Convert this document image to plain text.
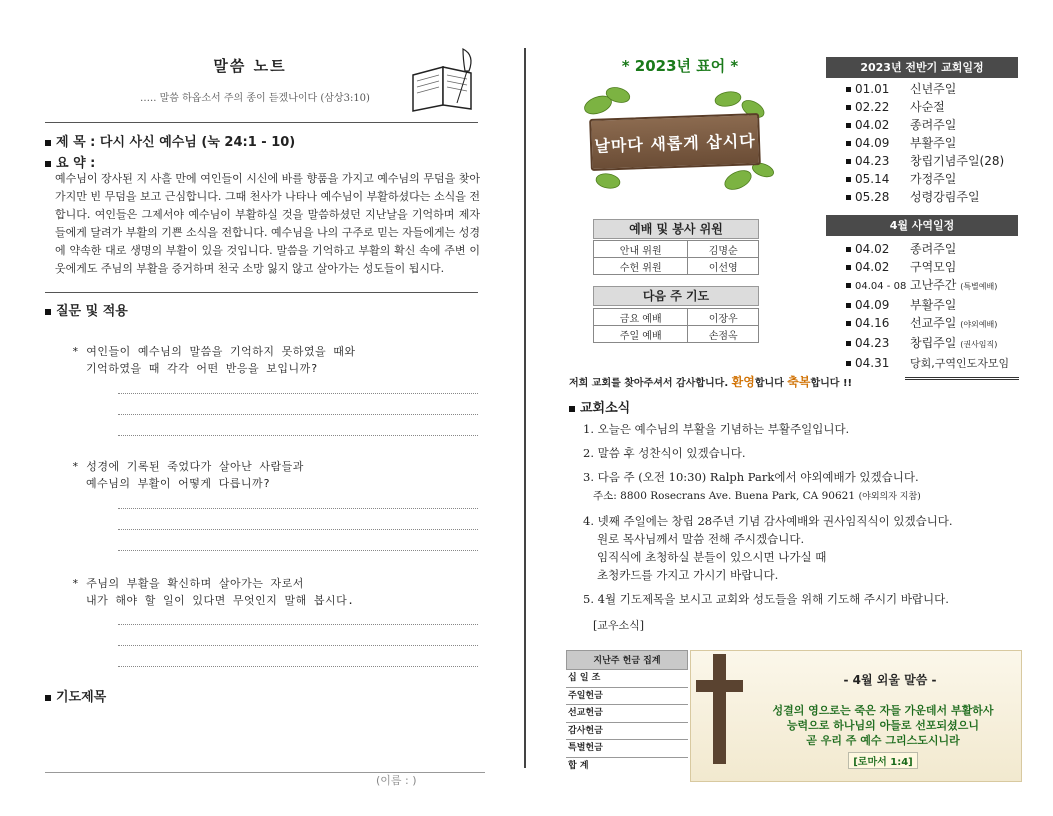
말씀 노트
….. 말씀 하옵소서 주의 종이 듣겠나이다 (삼상3:10)
제 목 : 다시 사신 예수님 (눅 24:1 - 10)
요 약 :
예수님이 장사된 지 사흘 만에 여인들이 시신에 바를 향품을 가지고 예수님의 무덤을 찾아가지만 빈 무덤을 보고 근심합니다. 그때 천사가 나타나 예수님이 부활하셨다는 소식을 전합니다. 여인들은 그제서야 예수님이 부활하실 것을 말씀하셨던 지난날을 기억하며 제자들에게 달려가 부활의 기쁜 소식을 전합니다. 예수님을 나의 구주로 믿는 자들에게는 성경에 약속한 대로 생명의 부활이 있을 것입니다. 말씀을 기억하고 부활의 확신 속에 주변 이웃에게도 주님의 부활을 증거하며 천국 소망 잃지 않고 살아가는 성도들이 됩시다.
질문 및 적용
* 여인들이 예수님의 말씀을 기억하지 못하였을 때와
기억하였을 때 각각 어떤 반응을 보입니까?
* 성경에 기록된 죽었다가 살아난 사람들과
예수님의 부활이 어떻게 다릅니까?
* 주님의 부활을 확신하며 살아가는 자로서
내가 해야 할 일이 있다면 무엇인지 말해 봅시다.
기도제목
(이름 : )
* 2023년 표어 *
날마다 새롭게 삽시다
예배 및 봉사 위원
안내 위원	김명순
수헌 위원	이선영
다음 주 기도
금요 예배	이장우
주일 예배	손점옥
2023년 전반기 교회일정
01.01 신년주일
02.22 사순절
04.02 종려주일
04.09 부활주일
04.23 창립기념주일(28)
05.14 가정주일
05.28 성령강림주일
4월 사역일정
04.02 종려주일
04.02 구역모임
04.04 - 08 고난주간 (특별예배)
04.09 부활주일
04.16 선교주일 (야외예배)
04.23 창립주일 (권사임직)
04.31 당회,구역인도자모임
저희 교회를 찾아주셔서 감사합니다. 환영합니다 축복합니다 !!
교회소식
1. 오늘은 예수님의 부활을 기념하는 부활주일입니다.
2. 말씀 후 성찬식이 있겠습니다.
3. 다음 주 (오전 10:30) Ralph Park에서 야외예배가 있겠습니다.
주소: 8800 Rosecrans Ave. Buena Park, CA 90621 (야외의자 지참)
4. 넷째 주일에는 창립 28주년 기념 감사예배와 권사임직식이 있겠습니다.
원로 목사님께서 말씀 전해 주시겠습니다.
임직식에 초청하실 분들이 있으시면 나가실 때
초청카드를 가지고 가시기 바랍니다.
5. 4월 기도제목을 보시고 교회와 성도들을 위해 기도해 주시기 바랍니다.
[교우소식]
지난주 헌금 집계
십 일 조
주일헌금
선교헌금
감사헌금
특별헌금
합 계
- 4월 외울 말씀 -
성결의 영으로는 죽은 자들 가운데서 부활하사
능력으로 하나님의 아들로 선포되셨으니
곧 우리 주 예수 그리스도시니라
[로마서 1:4]
